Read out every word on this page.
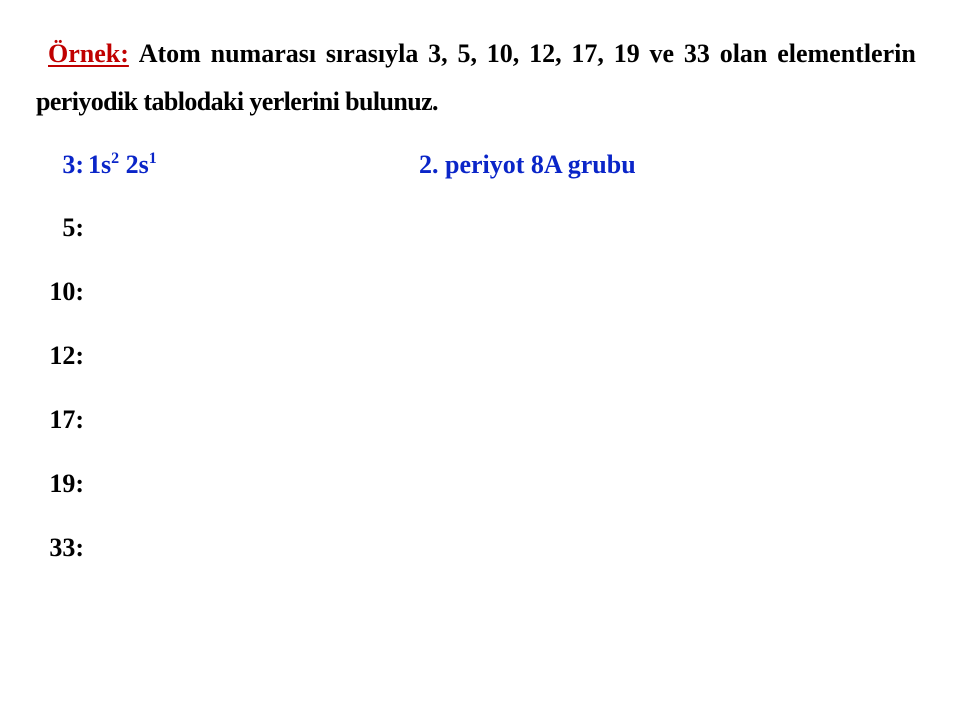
Örnek: Atom numarası sırasıyla 3, 5, 10, 12, 17, 19 ve 33 olan elementlerin
periyodik tablodaki yerlerini bulunuz.
3: $1s^2$ $2s^1$	2. periyot 8A grubu
5:
10:
12:
17:
19:
33:
